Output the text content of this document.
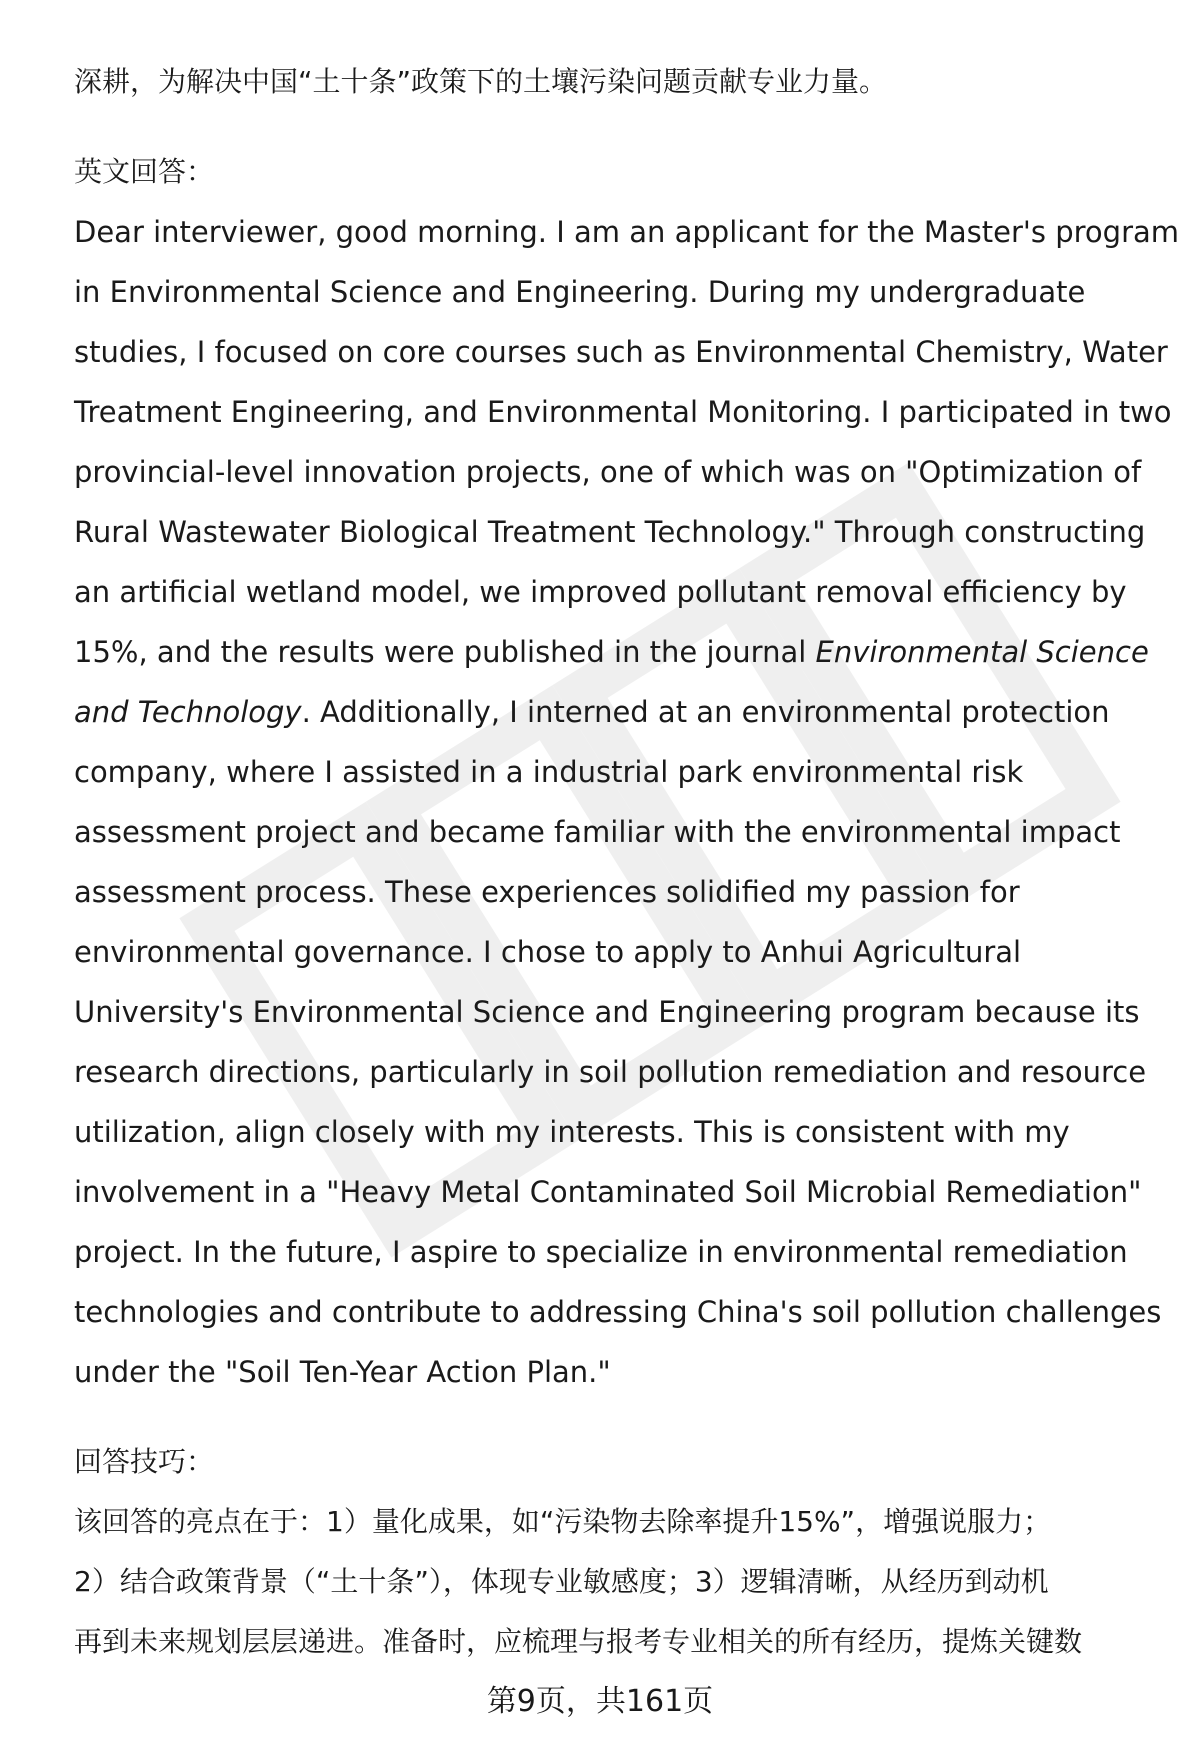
深耕，为解决中国“土十条”政策下的土壤污染问题贡献专业力量。
英文回答：
Dear interviewer, good morning. I am an applicant for the Master's program
in Environmental Science and Engineering. During my undergraduate
studies, I focused on core courses such as Environmental Chemistry, Water
Treatment Engineering, and Environmental Monitoring. I participated in two
provincial-level innovation projects, one of which was on "Optimization of
Rural Wastewater Biological Treatment Technology." Through constructing
an artificial wetland model, we improved pollutant removal efficiency by
15%, and the results were published in the journal Environmental Science
and Technology. Additionally, I interned at an environmental protection
company, where I assisted in a industrial park environmental risk
assessment project and became familiar with the environmental impact
assessment process. These experiences solidified my passion for
environmental governance. I chose to apply to Anhui Agricultural
University's Environmental Science and Engineering program because its
research directions, particularly in soil pollution remediation and resource
utilization, align closely with my interests. This is consistent with my
involvement in a "Heavy Metal Contaminated Soil Microbial Remediation"
project. In the future, I aspire to specialize in environmental remediation
technologies and contribute to addressing China's soil pollution challenges
under the "Soil Ten-Year Action Plan."
回答技巧：
该回答的亮点在于：1）量化成果，如“污染物去除率提升15%”，增强说服力；
2）结合政策背景（“土十条”），体现专业敏感度；3）逻辑清晰，从经历到动机
再到未来规划层层递进。准备时，应梳理与报考专业相关的所有经历，提炼关键数
第9页，共161页
